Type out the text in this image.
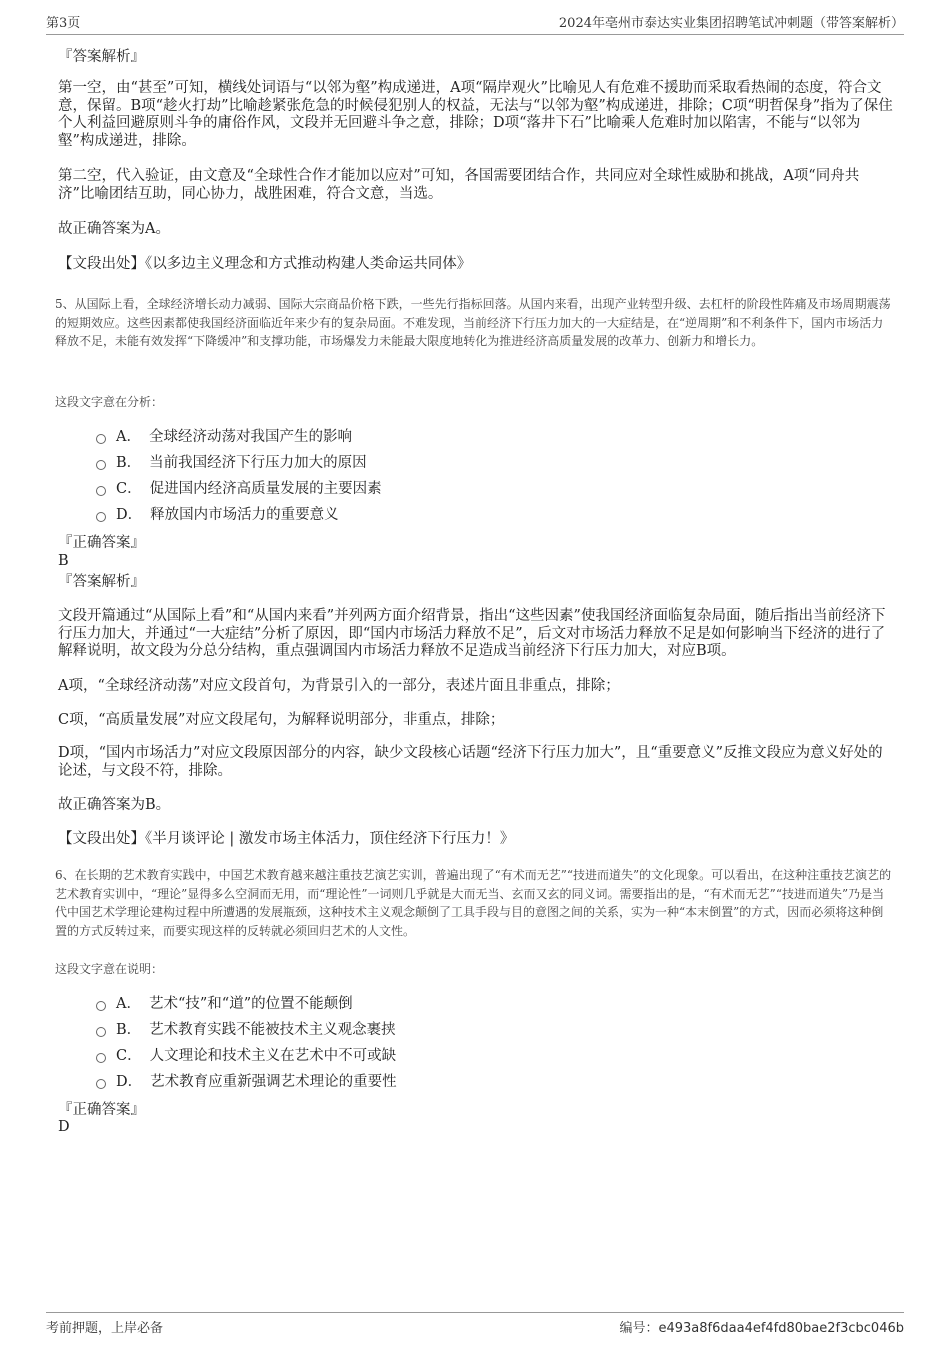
第3页	2024年亳州市泰达实业集团招聘笔试冲刺题（带答案解析）
『答案解析』
第一空，由“甚至”可知，横线处词语与“以邻为壑”构成递进，A项“隔岸观火”比喻见人有危难不援助而采取看热闹的态度，符合文意，保留。B项“趁火打劫”比喻趁紧张危急的时候侵犯别人的权益，无法与“以邻为壑”构成递进，排除；C项“明哲保身”指为了保住个人利益回避原则斗争的庸俗作风，文段并无回避斗争之意，排除；D项“落井下石”比喻乘人危难时加以陷害，不能与“以邻为壑”构成递进，排除。
第二空，代入验证，由文意及“全球性合作才能加以应对”可知，各国需要团结合作，共同应对全球性威胁和挑战，A项“同舟共济”比喻团结互助，同心协力，战胜困难，符合文意，当选。
故正确答案为A。
【文段出处】《以多边主义理念和方式推动构建人类命运共同体》
5、从国际上看，全球经济增长动力减弱、国际大宗商品价格下跌，一些先行指标回落。从国内来看，出现产业转型升级、去杠杆的阶段性阵痛及市场周期震荡的短期效应。这些因素都使我国经济面临近年来少有的复杂局面。不难发现，当前经济下行压力加大的一大症结是，在“逆周期”和不利条件下，国内市场活力释放不足，未能有效发挥“下降缓冲”和支撑功能，市场爆发力未能最大限度地转化为推进经济高质量发展的改革力、创新力和增长力。
这段文字意在分析：
A． 全球经济动荡对我国产生的影响
B． 当前我国经济下行压力加大的原因
C． 促进国内经济高质量发展的主要因素
D． 释放国内市场活力的重要意义
『正确答案』
B
『答案解析』
文段开篇通过“从国际上看”和“从国内来看”并列两方面介绍背景，指出“这些因素”使我国经济面临复杂局面，随后指出当前经济下行压力加大，并通过“一大症结”分析了原因，即“国内市场活力释放不足”，后文对市场活力释放不足是如何影响当下经济的进行了解释说明，故文段为分总分结构，重点强调国内市场活力释放不足造成当前经济下行压力加大，对应B项。
A项，“全球经济动荡”对应文段首句，为背景引入的一部分，表述片面且非重点，排除；
C项，“高质量发展”对应文段尾句，为解释说明部分，非重点，排除；
D项，“国内市场活力”对应文段原因部分的内容，缺少文段核心话题“经济下行压力加大”，且“重要意义”反推文段应为意义好处的论述，与文段不符，排除。
故正确答案为B。
【文段出处】《半月谈评论 | 激发市场主体活力，顶住经济下行压力！》
6、在长期的艺术教育实践中，中国艺术教育越来越注重技艺演艺实训，普遍出现了“有术而无艺”“技进而道失”的文化现象。可以看出，在这种注重技艺演艺的艺术教育实训中，“理论”显得多么空洞而无用，而“理论性”一词则几乎就是大而无当、玄而又玄的同义词。需要指出的是，“有术而无艺”“技进而道失”乃是当代中国艺术学理论建构过程中所遭遇的发展瓶颈，这种技术主义观念颠倒了工具手段与目的意图之间的关系，实为一种“本末倒置”的方式，因而必须将这种倒置的方式反转过来，而要实现这样的反转就必须回归艺术的人文性。
这段文字意在说明：
A． 艺术“技”和“道”的位置不能颠倒
B． 艺术教育实践不能被技术主义观念裹挟
C． 人文理论和技术主义在艺术中不可或缺
D． 艺术教育应重新强调艺术理论的重要性
『正确答案』
D
考前押题，上岸必备	编号：e493a8f6daa4ef4fd80bae2f3cbc046b
